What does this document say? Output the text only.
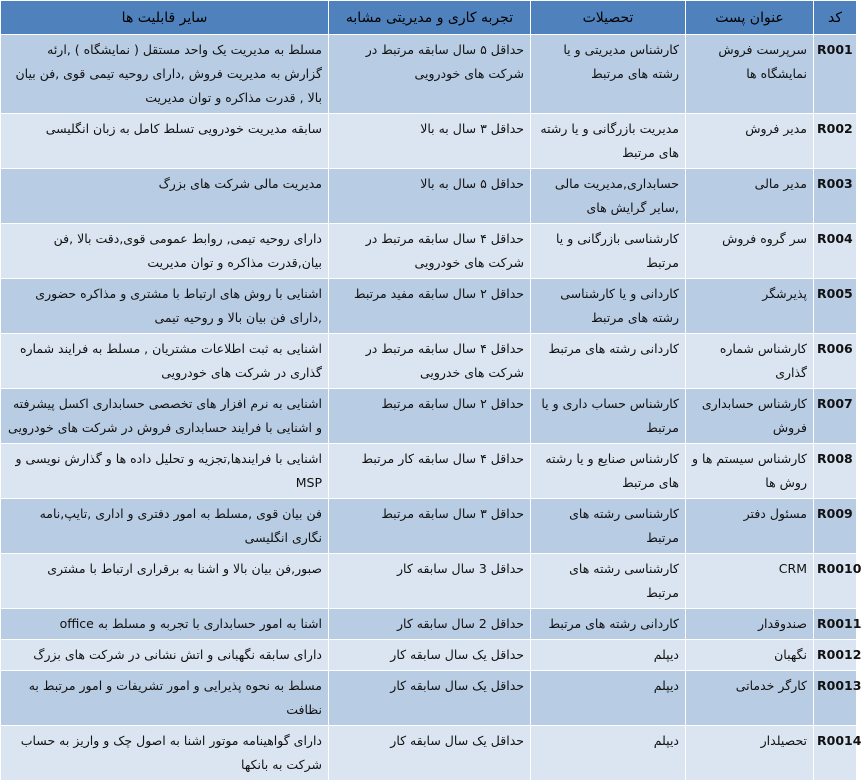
سایر قابلیت ها	تجربه کاری و مدیریتی مشابه	تحصیلات	عنوان پست	کد
مسلط به مدیریت یک واحد مستقل ( نمایشگاه ) ,ارئه گزارش به مدیریت فروش ,دارای روحیه تیمی قوی ,فن بیان بالا , قدرت مذاکره و توان مدیریت	حداقل ۵ سال سابقه مرتبط در شرکت های خودرویی	کارشناس مدیریتی و یا رشته های مرتبط	سرپرست فروش نمایشگاه ها	R001
سابقه مدیریت خودرویی تسلط کامل به زبان انگلیسی	حداقل ۳ سال به بالا	مدیریت بازرگانی و یا رشته های مرتبط	مدیر فروش	R002
مدیریت مالی شرکت های بزرگ	حداقل ۵ سال به بالا	حسابداری,مدیریت مالی ,سایر گرایش های	مدیر مالی	R003
دارای روحیه تیمی, روابط عمومی قوی,دقت بالا ,فن بیان,قدرت مذاکره و توان مدیریت	حداقل ۴ سال سابقه مرتبط در شرکت های خودرویی	کارشناسی بازرگانی و یا مرتبط	سر گروه فروش	R004
اشنایی با روش های ارتباط با مشتری و مذاکره حضوری ,دارای فن بیان بالا و روحیه تیمی	حداقل ۲ سال سابقه مفید مرتبط	کاردانی و یا کارشناسی رشته های مرتبط	پذیرشگر	R005
اشنایی به ثبت اطلاعات مشتریان , مسلط به فرایند شماره گذاری در شرکت های خودرویی	حداقل ۴ سال سابقه مرتبط در شرکت های خدرویی	کاردانی رشته های مرتبط	کارشناس شماره گذاری	R006
اشنایی به نرم افزار های تخصصی حسابداری اکسل پیشرفته و اشنایی با فرایند حسابداری فروش در شرکت های خودرویی	حداقل ۲ سال سابقه مرتبط	کارشناس حساب داری و یا مرتبط	کارشناس حسابداری فروش	R007
اشنایی با فرایندها,تجزیه و تحلیل داده ها و گذارش نویسی و MSP	حداقل ۴ سال سابقه کار مرتبط	کارشناس صنایع و یا رشته های مرتبط	کارشناس سیستم ها و روش ها	R008
فن بیان قوی ,مسلط به امور دفتری و اداری ,تایپ,نامه نگاری انگلیسی	حداقل ۳ سال سابقه مرتبط	کارشناسی رشته های مرتبط	مسئول دفتر	R009
صبور,فن بیان بالا و اشنا به برقراری ارتباط با مشتری	حداقل 3 سال سابقه کار	کارشناسی رشته های مرتبط	CRM	R0010
اشنا به امور حسابداری با تجربه و مسلط به office	حداقل 2 سال سابقه کار	کاردانی رشته های مرتبط	صندوقدار	R0011
دارای سابقه نگهبانی و اتش نشانی در شرکت های بزرگ	حداقل یک سال سابقه کار	دیپلم	نگهبان	R0012
مسلط به نحوه پذیرایی و امور تشریفات و امور مرتبط به نظافت	حداقل یک سال سابقه کار	دیپلم	کارگر خدماتی	R0013
دارای گواهینامه موتور اشنا به اصول چک و واریز به حساب شرکت به بانکها	حداقل یک سال سابقه کار	دیپلم	تحصیلدار	R0014
